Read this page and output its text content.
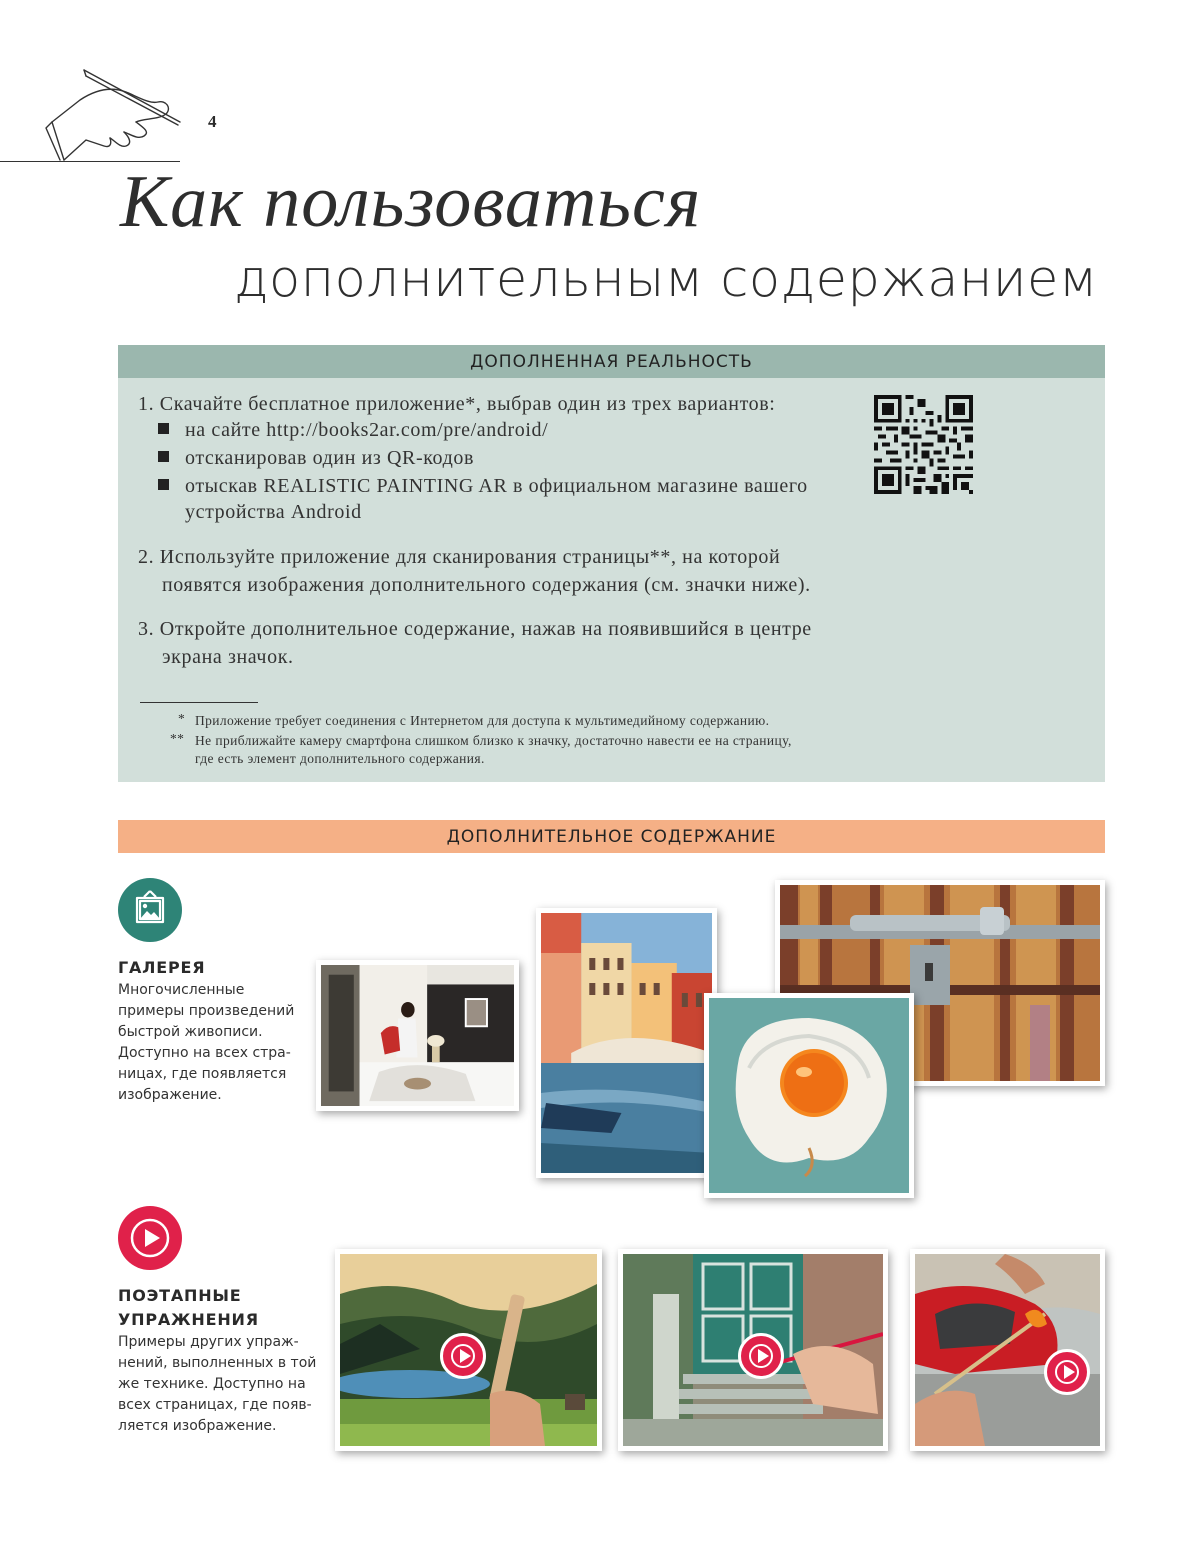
4
Как пользоваться
дополнительным содержанием
ДОПОЛНЕННАЯ РЕАЛЬНОСТЬ
1. Скачайте бесплатное приложение*, выбрав один из трех вариантов:
на сайте http://books2ar.com/pre/android/
отсканировав один из QR-кодов
отыскав REALISTIC PAINTING AR в официальном магазине вашего
устройства Android
2. Используйте приложение для сканирования страницы**, на которой
появятся изображения дополнительного содержания (см. значки ниже).
3. Откройте дополнительное содержание, нажав на появившийся в центре
экрана значок.
* Приложение требует соединения с Интернетом для доступа к мультимедийному содержанию.
** Не приближайте камеру смартфона слишком близко к значку, достаточно навести ее на страницу,
где есть элемент дополнительного содержания.
ДОПОЛНИТЕЛЬНОЕ СОДЕРЖАНИЕ
ГАЛЕРЕЯ
Многочисленные
примеры произведений
быстрой живописи.
Доступно на всех стра-
ницах, где появляется
изображение.
ПОЭТАПНЫЕ
УПРАЖНЕНИЯ
Примеры других упраж-
нений, выполненных в той
же технике. Доступно на
всех страницах, где появ-
ляется изображение.
